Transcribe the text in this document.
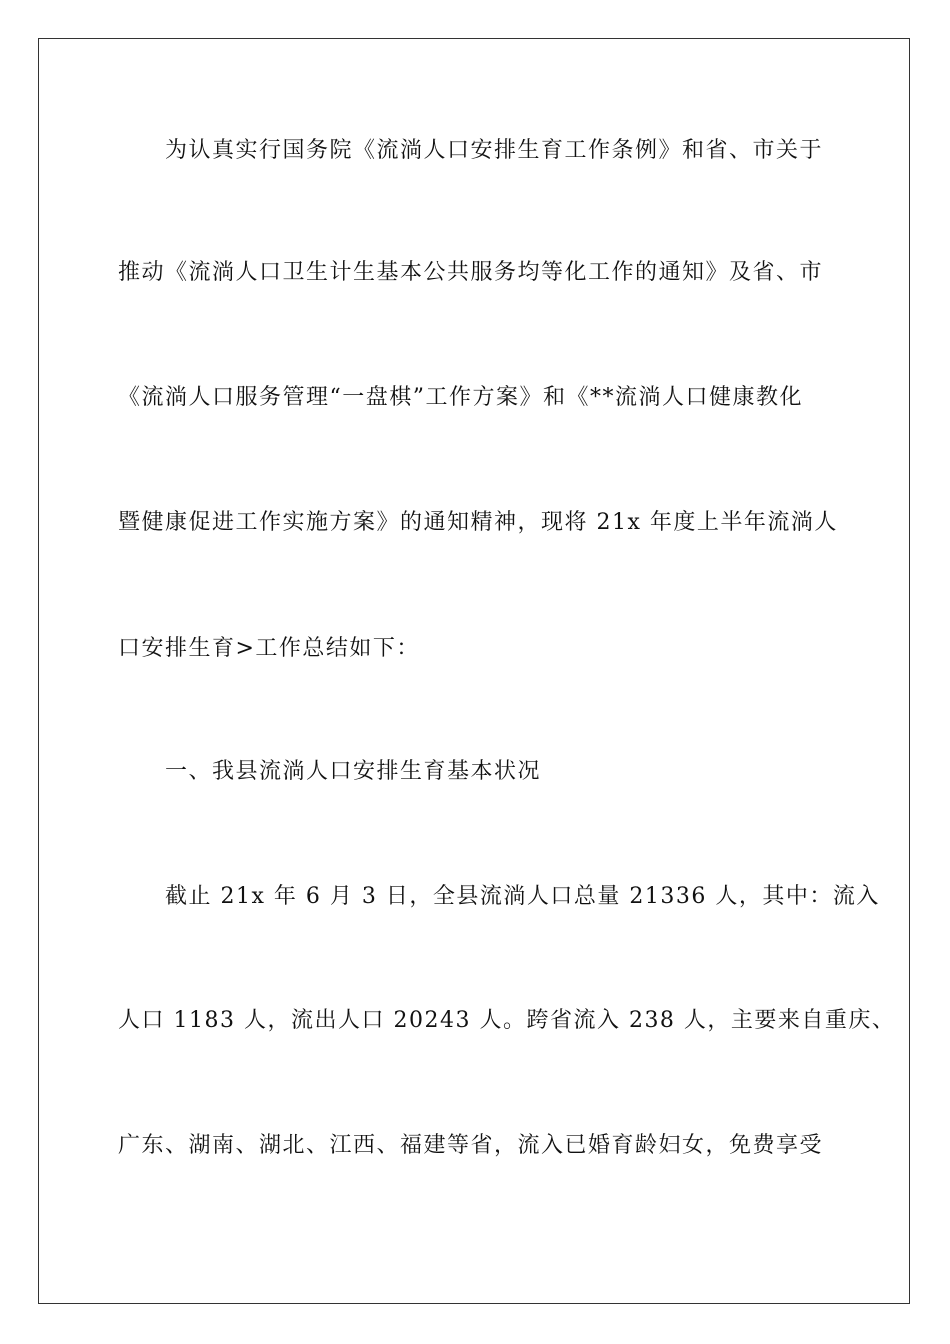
为认真实行国务院《流淌人口安排生育工作条例》和省、市关于
推动《流淌人口卫生计生基本公共服务均等化工作的通知》及省、市
《流淌人口服务管理“一盘棋”工作方案》和《**流淌人口健康教化
暨健康促进工作实施方案》的通知精神，现将 21x 年度上半年流淌人
口安排生育>工作总结如下：
一、我县流淌人口安排生育基本状况
截止 21x 年 6 月 3 日，全县流淌人口总量 21336 人，其中：流入
人口 1183 人，流出人口 20243 人。跨省流入 238 人，主要来自重庆、
广东、湖南、湖北、江西、福建等省，流入已婚育龄妇女，免费享受
